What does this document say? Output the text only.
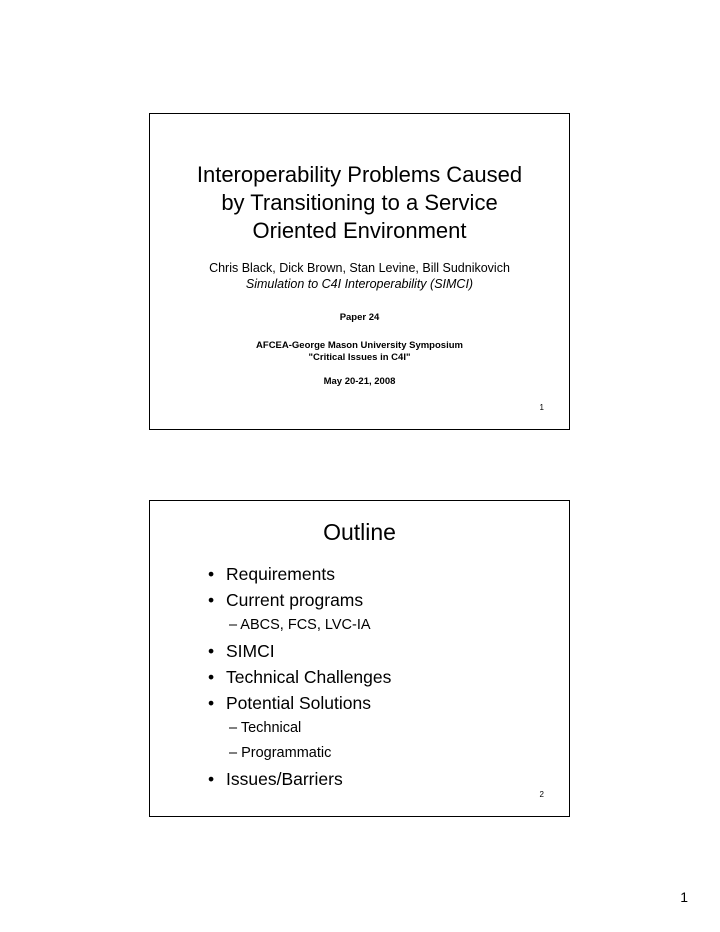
Interoperability Problems Caused
by Transitioning to a Service
Oriented Environment
Chris Black, Dick Brown, Stan Levine, Bill Sudnikovich
Simulation to C4I Interoperability (SIMCI)
Paper 24
AFCEA-George Mason University Symposium
"Critical Issues in C4I"
May 20-21, 2008
1
Outline
• Requirements
• Current programs
– ABCS, FCS, LVC-IA
• SIMCI
• Technical Challenges
• Potential Solutions
– Technical
– Programmatic
• Issues/Barriers
2
1
